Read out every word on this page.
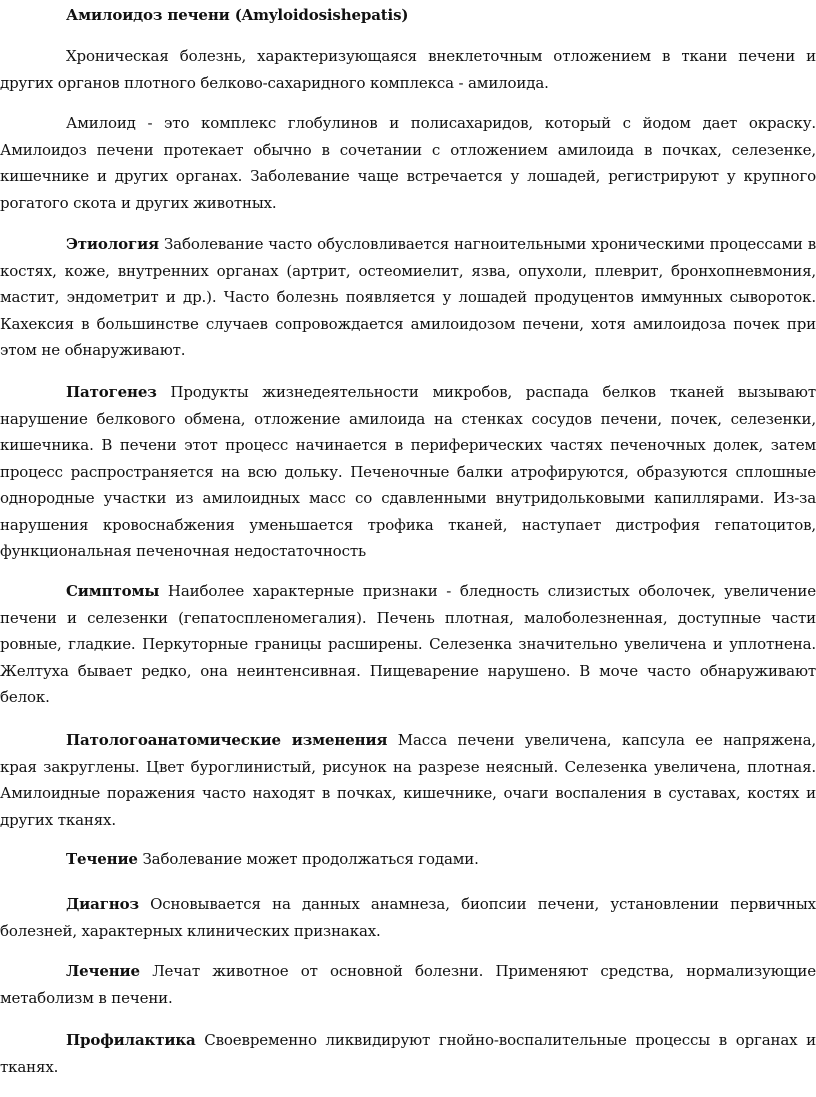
Амилоидоз печени (Amyloidosishepatis)

Хроническая болезнь, характеризующаяся внеклеточным отложением в ткани печени и других органов плотного белково-сахаридного комплекса - амилоида.

Амилоид - это комплекс глобулинов и полисахаридов, который с йодом дает окраску. Амилоидоз печени протекает обычно в сочетании с отложением амилоида в почках, селезенке, кишечнике и других органах. Заболевание чаще встречается у лошадей, регистрируют у крупного рогатого скота и других животных.

Этиология Заболевание часто обусловливается нагноительными хроническими процессами в костях, коже, внутренних органах (артрит, остеомиелит, язва, опухоли, плеврит, бронхопневмония, мастит, эндометрит и др.). Часто болезнь появляется у лошадей продуцентов иммунных сывороток. Кахексия в большинстве случаев сопровождается амилоидозом печени, хотя амилоидоза почек при этом не обнаруживают.

Патогенез Продукты жизнедеятельности микробов, распада белков тканей вызывают нарушение белкового обмена, отложение амилоида на стенках сосудов печени, почек, селезенки, кишечника. В печени этот процесс начинается в периферических частях печеночных долек, затем процесс распространяется на всю дольку. Печеночные балки атрофируются, образуются сплошные однородные участки из амилоидных масс со сдавленными внутридольковыми капиллярами. Из-за нарушения кровоснабжения уменьшается трофика тканей, наступает дистрофия гепатоцитов, функциональная печеночная недостаточность

Симптомы Наиболее характерные признаки - бледность слизистых оболочек, увеличение печени и селезенки (гепатоспленомегалия). Печень плотная, малоболезненная, доступные части ровные, гладкие. Перкуторные границы расширены. Селезенка значительно увеличена и уплотнена. Желтуха бывает редко, она неинтенсивная. Пищеварение нарушено. В моче часто обнаруживают белок.

Патологоанатомические изменения Масса печени увеличена, капсула ее напряжена, края закруглены. Цвет буроглинистый, рисунок на разрезе неясный. Селезенка увеличена, плотная. Амилоидные поражения часто находят в почках, кишечнике, очаги воспаления в суставах, костях и других тканях.

Течение Заболевание может продолжаться годами.

Диагноз Основывается на данных анамнеза, биопсии печени, установлении первичных болезней, характерных клинических признаках.

Лечение Лечат животное от основной болезни. Применяют средства, нормализующие метаболизм в печени.

Профилактика Своевременно ликвидируют гнойно-воспалительные процессы в органах и тканях.
